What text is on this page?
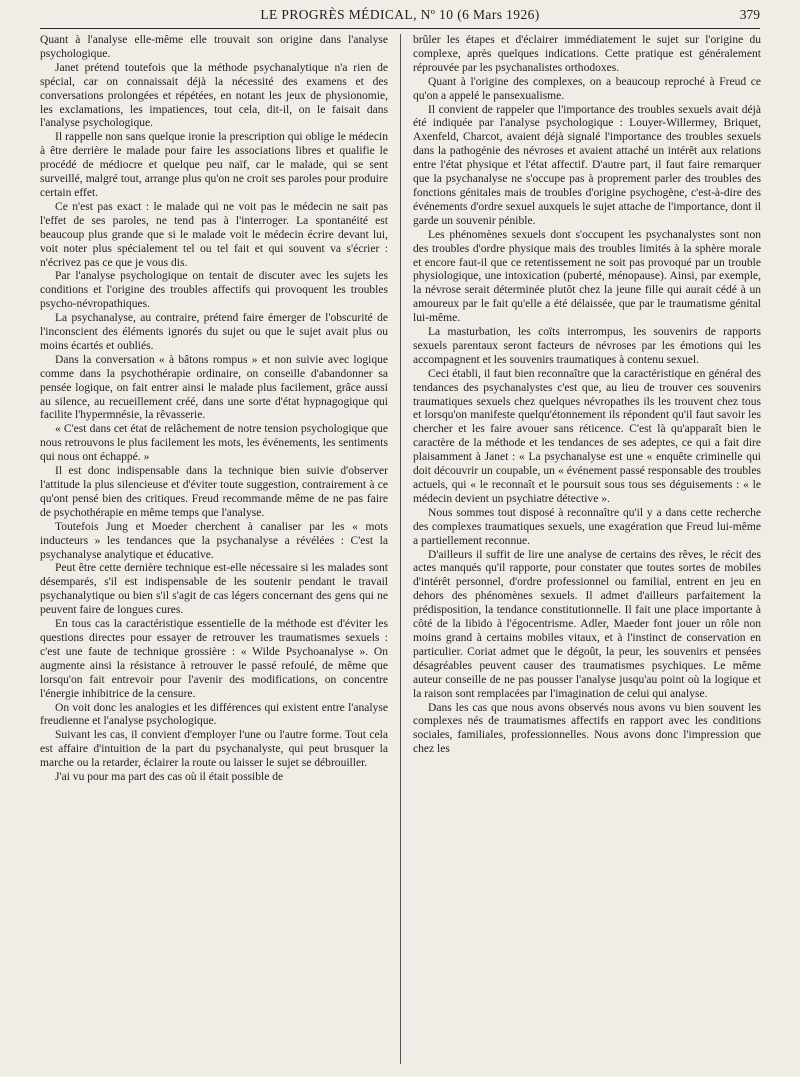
LE PROGRÈS MÉDICAL, Nº 10 (6 Mars 1926)	379

Quant à l'analyse elle-même elle trouvait son origine dans l'analyse psychologique.

Janet prétend toutefois que la méthode psychanalytique n'a rien de spécial, car on connaissait déjà la nécessité des examens et des conversations prolongées et répétées, en notant les jeux de physionomie, les exclamations, les impatiences, tout cela, dit-il, on le faisait dans l'analyse psychologique.

Il rappelle non sans quelque ironie la prescription qui oblige le médecin à être derrière le malade pour faire les associations libres et qualifie le procédé de médiocre et quelque peu naïf, car le malade, qui se sent surveillé, malgré tout, arrange plus qu'on ne croit ses paroles pour produire certain effet.

Ce n'est pas exact : le malade qui ne voit pas le médecin ne sait pas l'effet de ses paroles, ne tend pas à l'interroger. La spontanéité est beaucoup plus grande que si le malade voit le médecin écrire devant lui, voit noter plus spécialement tel ou tel fait et qui souvent va s'écrier : n'écrivez pas ce que je vous dis.

Par l'analyse psychologique on tentait de discuter avec les sujets les conditions et l'origine des troubles affectifs qui provoquent les troubles psycho-névropathiques.

La psychanalyse, au contraire, prétend faire émerger de l'obscurité de l'inconscient des éléments ignorés du sujet ou que le sujet avait plus ou moins écartés et oubliés.

Dans la conversation « à bâtons rompus » et non suivie avec logique comme dans la psychothérapie ordinaire, on conseille d'abandonner sa pensée logique, on fait entrer ainsi le malade plus facilement, grâce aussi au silence, au recueillement créé, dans une sorte d'état hypnagogique qui facilite l'hypermnésie, la rêvasserie.

« C'est dans cet état de relâchement de notre tension psychologique que nous retrouvons le plus facilement les mots, les événements, les sentiments qui nous ont échappé. »

Il est donc indispensable dans la technique bien suivie d'observer l'attitude la plus silencieuse et d'éviter toute suggestion, contrairement à ce qu'ont pensé bien des critiques. Freud recommande même de ne pas faire de psychothérapie en même temps que l'analyse.

Toutefois Jung et Moeder cherchent à canaliser par les « mots inducteurs » les tendances que la psychanalyse a révélées : C'est la psychanalyse analytique et éducative.

Peut être cette dernière technique est-elle nécessaire si les malades sont désemparés, s'il est indispensable de les soutenir pendant le travail psychanalytique ou bien s'il s'agit de cas légers concernant des gens qui ne peuvent faire de longues cures.

En tous cas la caractéristique essentielle de la méthode est d'éviter les questions directes pour essayer de retrouver les traumatismes sexuels : c'est une faute de technique grossière : « Wilde Psychoanalyse ». On augmente ainsi la résistance à retrouver le passé refoulé, de même que lorsqu'on fait entrevoir pour l'avenir des modifications, on concentre l'énergie inhibitrice de la censure.

On voit donc les analogies et les différences qui existent entre l'analyse freudienne et l'analyse psychologique.

Suivant les cas, il convient d'employer l'une ou l'autre forme. Tout cela est affaire d'intuition de la part du psychanalyste, qui peut brusquer la marche ou la retarder, éclairer la route ou laisser le sujet se débrouiller.

J'ai vu pour ma part des cas où il était possible de

brûler les étapes et d'éclairer immédiatement le sujet sur l'origine du complexe, après quelques indications. Cette pratique est généralement réprouvée par les psychanalistes orthodoxes.

Quant à l'origine des complexes, on a beaucoup reproché à Freud ce qu'on a appelé le pansexualisme.

Il convient de rappeler que l'importance des troubles sexuels avait déjà été indiquée par l'analyse psychologique : Louyer-Willermey, Briquet, Axenfeld, Charcot, avaient déjà signalé l'importance des troubles sexuels dans la pathogénie des névroses et avaient attaché un intérêt aux relations entre l'état physique et l'état affectif. D'autre part, il faut faire remarquer que la psychanalyse ne s'occupe pas à proprement parler des troubles des fonctions génitales mais de troubles d'origine psychogène, c'est-à-dire des événements d'ordre sexuel auxquels le sujet attache de l'importance, dont il garde un souvenir pénible.

Les phénomènes sexuels dont s'occupent les psychanalystes sont non des troubles d'ordre physique mais des troubles limités à la sphère morale et encore faut-il que ce retentissement ne soit pas provoqué par un trouble physiologique, une intoxication (puberté, ménopause). Ainsi, par exemple, la névrose serait déterminée plutôt chez la jeune fille qui aurait cédé à un amoureux par le fait qu'elle a été délaissée, que par le traumatisme génital lui-même.

La masturbation, les coïts interrompus, les souvenirs de rapports sexuels parentaux seront facteurs de névroses par les émotions qui les accompagnent et les souvenirs traumatiques à contenu sexuel.

Ceci établi, il faut bien reconnaître que la caractéristique en général des tendances des psychanalystes c'est que, au lieu de trouver ces souvenirs traumatiques sexuels chez quelques névropathes ils les trouvent chez tous et lorsqu'on manifeste quelqu'étonnement ils répondent qu'il faut savoir les chercher et les faire avouer sans réticence. C'est là qu'apparaît bien le caractère de la méthode et les tendances de ses adeptes, ce qui a fait dire plaisamment à Janet : « La psychanalyse est une « enquête criminelle qui doit découvrir un coupable, un « événement passé responsable des troubles actuels, qui « le reconnaît et le poursuit sous tous ses déguisements : « le médecin devient un psychiatre détective ».

Nous sommes tout disposé à reconnaître qu'il y a dans cette recherche des complexes traumatiques sexuels, une exagération que Freud lui-même a partiellement reconnue.

D'ailleurs il suffit de lire une analyse de certains des rêves, le récit des actes manqués qu'il rapporte, pour constater que toutes sortes de mobiles d'intérêt personnel, d'ordre professionnel ou familial, entrent en jeu en dehors des phénomènes sexuels. Il admet d'ailleurs parfaitement la prédisposition, la tendance constitutionnelle. Il fait une place importante à côté de la libido à l'égocentrisme. Adler, Maeder font jouer un rôle non moins grand à certains mobiles vitaux, et à l'instinct de conservation en particulier. Coriat admet que le dégoût, la peur, les souvenirs et pensées désagréables peuvent causer des traumatismes psychiques. Le même auteur conseille de ne pas pousser l'analyse jusqu'au point où la logique et la raison sont remplacées par l'imagination de celui qui analyse.

Dans les cas que nous avons observés nous avons vu bien souvent les complexes nés de traumatismes affectifs en rapport avec les conditions sociales, familiales, professionnelles. Nous avons donc l'impression que chez les
